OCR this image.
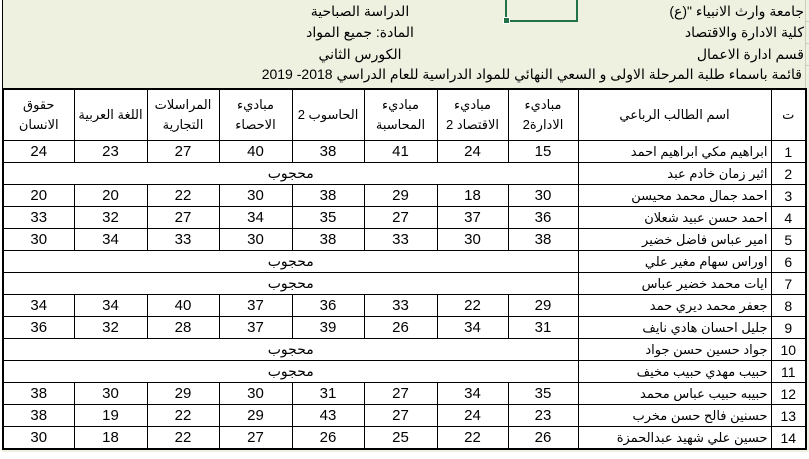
جامعة وارث الانبياء "(ع)
كلية الادارة والاقتصاد
قسم ادارة الاعمال
الدراسة الصباحية
المادة: جميع المواد
الكورس الثاني
قائمة باسماء طلبة المرحلة الاولى و السعي النهائي للمواد الدراسية للعام الدراسي 2018- 2019
ت	اسم الطالب الرباعي	مباديء الادارة2	مباديء الاقتصاد 2	مباديء المحاسبة	الحاسوب 2	مباديء الاحصاء	المراسلات التجارية	اللغة العربية	حقوق الانسان
1	ابراهيم مكي ابراهيم احمد	15	24	41	38	40	27	23	24
2	اثير زمان خادم عبد	محجوب							
3	احمد جمال محمد محيسن	30	18	29	38	30	22	20	20
4	احمد حسن عبيد شعلان	36	37	27	35	34	27	32	33
5	امير عباس فاضل خضير	38	30	33	38	30	33	34	30
6	اوراس سهام مغير علي	محجوب							
7	ايات محمد خضير عباس	محجوب							
8	جعفر محمد ديري حمد	29	22	33	36	37	40	34	34
9	جليل احسان هادي نايف	31	34	26	39	37	28	32	36
10	جواد حسين حسن جواد	محجوب							
11	حبيب مهدي حبيب مخيف	محجوب							
12	حبيبه حبيب عباس محمد	35	34	27	31	30	29	30	38
13	حسنين فالح حسن مخرب	23	24	27	43	29	22	19	38
14	حسين علي شهيد عبدالحمزة	26	22	25	26	27	22	18	30
